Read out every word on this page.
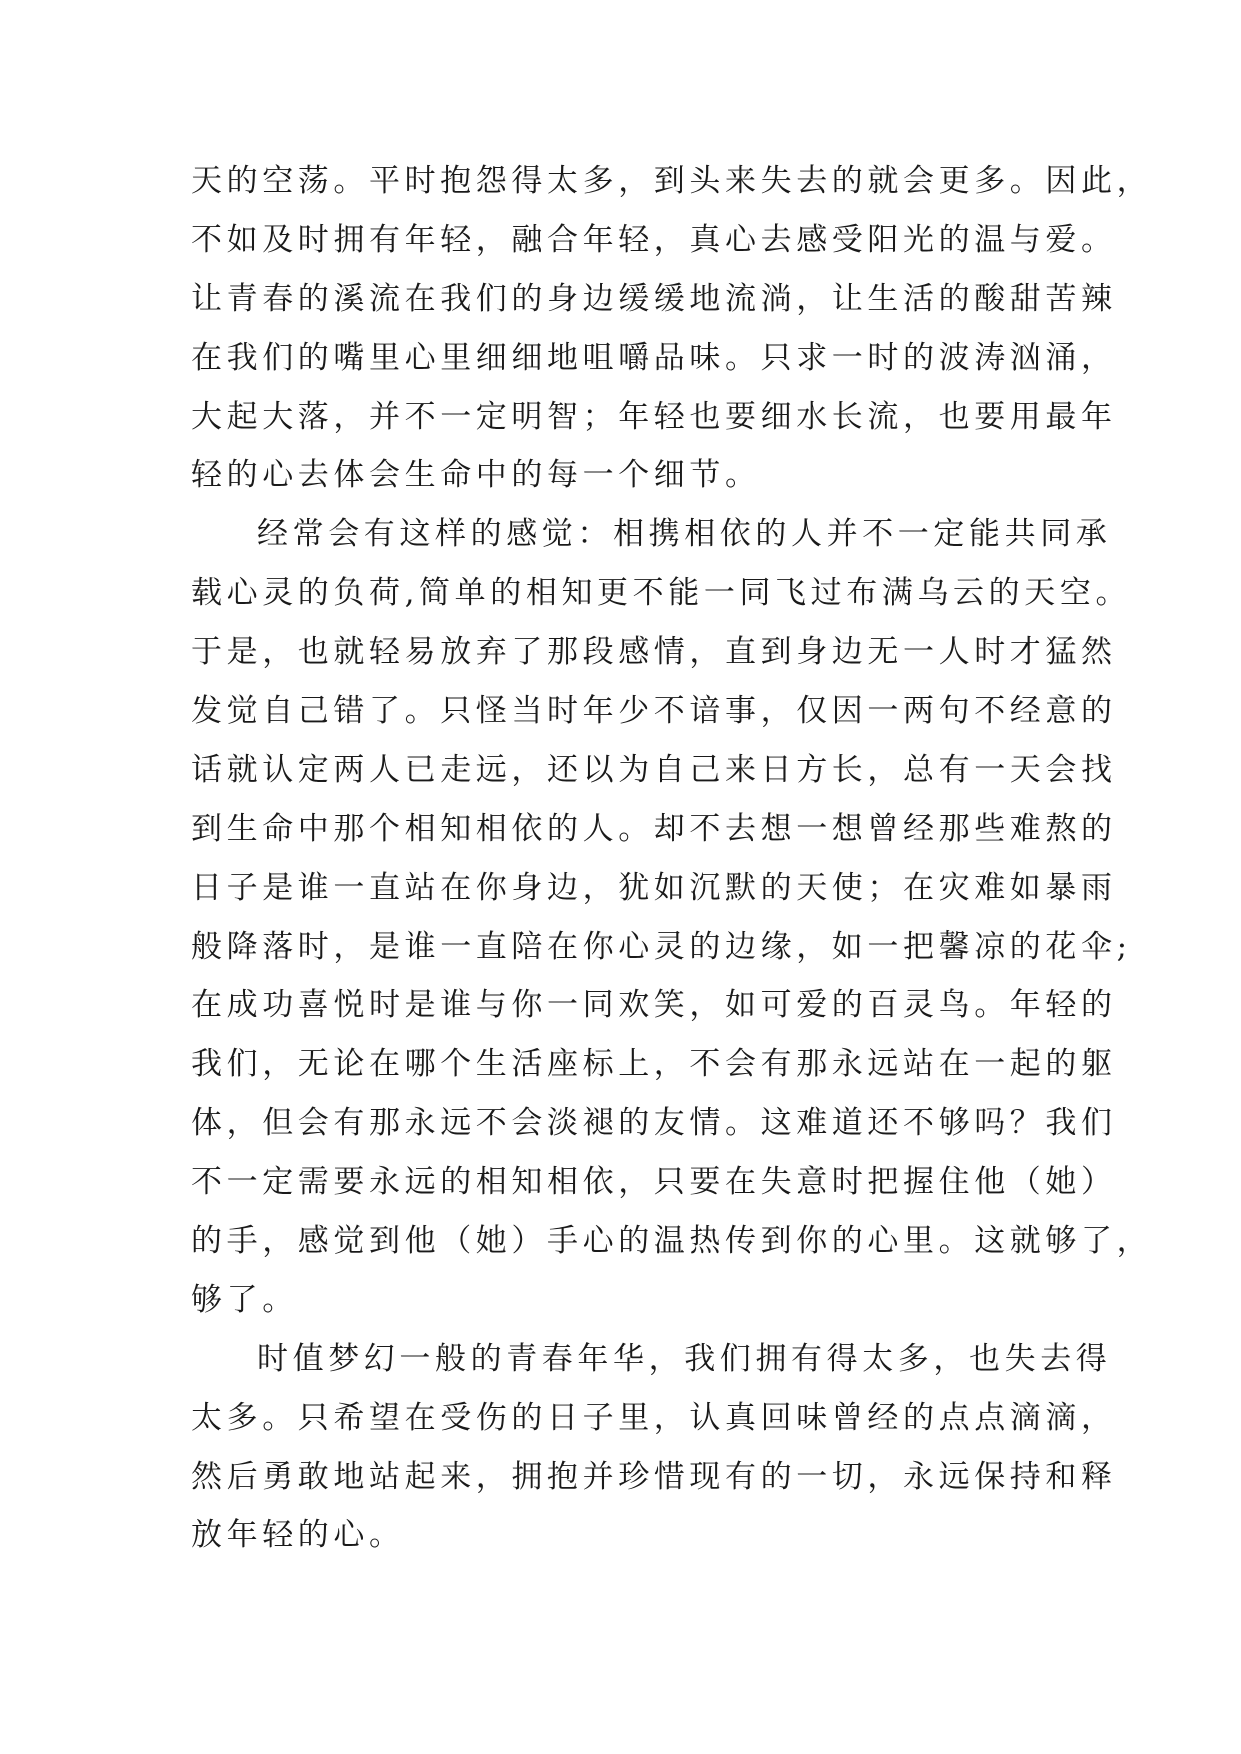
天的空荡。平时抱怨得太多，到头来失去的就会更多。因此，
不如及时拥有年轻，融合年轻，真心去感受阳光的温与爱。
让青春的溪流在我们的身边缓缓地流淌，让生活的酸甜苦辣
在我们的嘴里心里细细地咀嚼品味。只求一时的波涛汹涌，
大起大落，并不一定明智；年轻也要细水长流，也要用最年
轻的心去体会生命中的每一个细节。
经常会有这样的感觉：相携相依的人并不一定能共同承
载心灵的负荷,简单的相知更不能一同飞过布满乌云的天空。
于是，也就轻易放弃了那段感情，直到身边无一人时才猛然
发觉自己错了。只怪当时年少不谙事，仅因一两句不经意的
话就认定两人已走远，还以为自己来日方长，总有一天会找
到生命中那个相知相依的人。却不去想一想曾经那些难熬的
日子是谁一直站在你身边，犹如沉默的天使；在灾难如暴雨
般降落时，是谁一直陪在你心灵的边缘，如一把馨凉的花伞;
在成功喜悦时是谁与你一同欢笑，如可爱的百灵鸟。年轻的
我们，无论在哪个生活座标上，不会有那永远站在一起的躯
体，但会有那永远不会淡褪的友情。这难道还不够吗？我们
不一定需要永远的相知相依，只要在失意时把握住他（她）
的手，感觉到他（她）手心的温热传到你的心里。这就够了，
够了。
时值梦幻一般的青春年华，我们拥有得太多，也失去得
太多。只希望在受伤的日子里，认真回味曾经的点点滴滴，
然后勇敢地站起来，拥抱并珍惜现有的一切，永远保持和释
放年轻的心。
